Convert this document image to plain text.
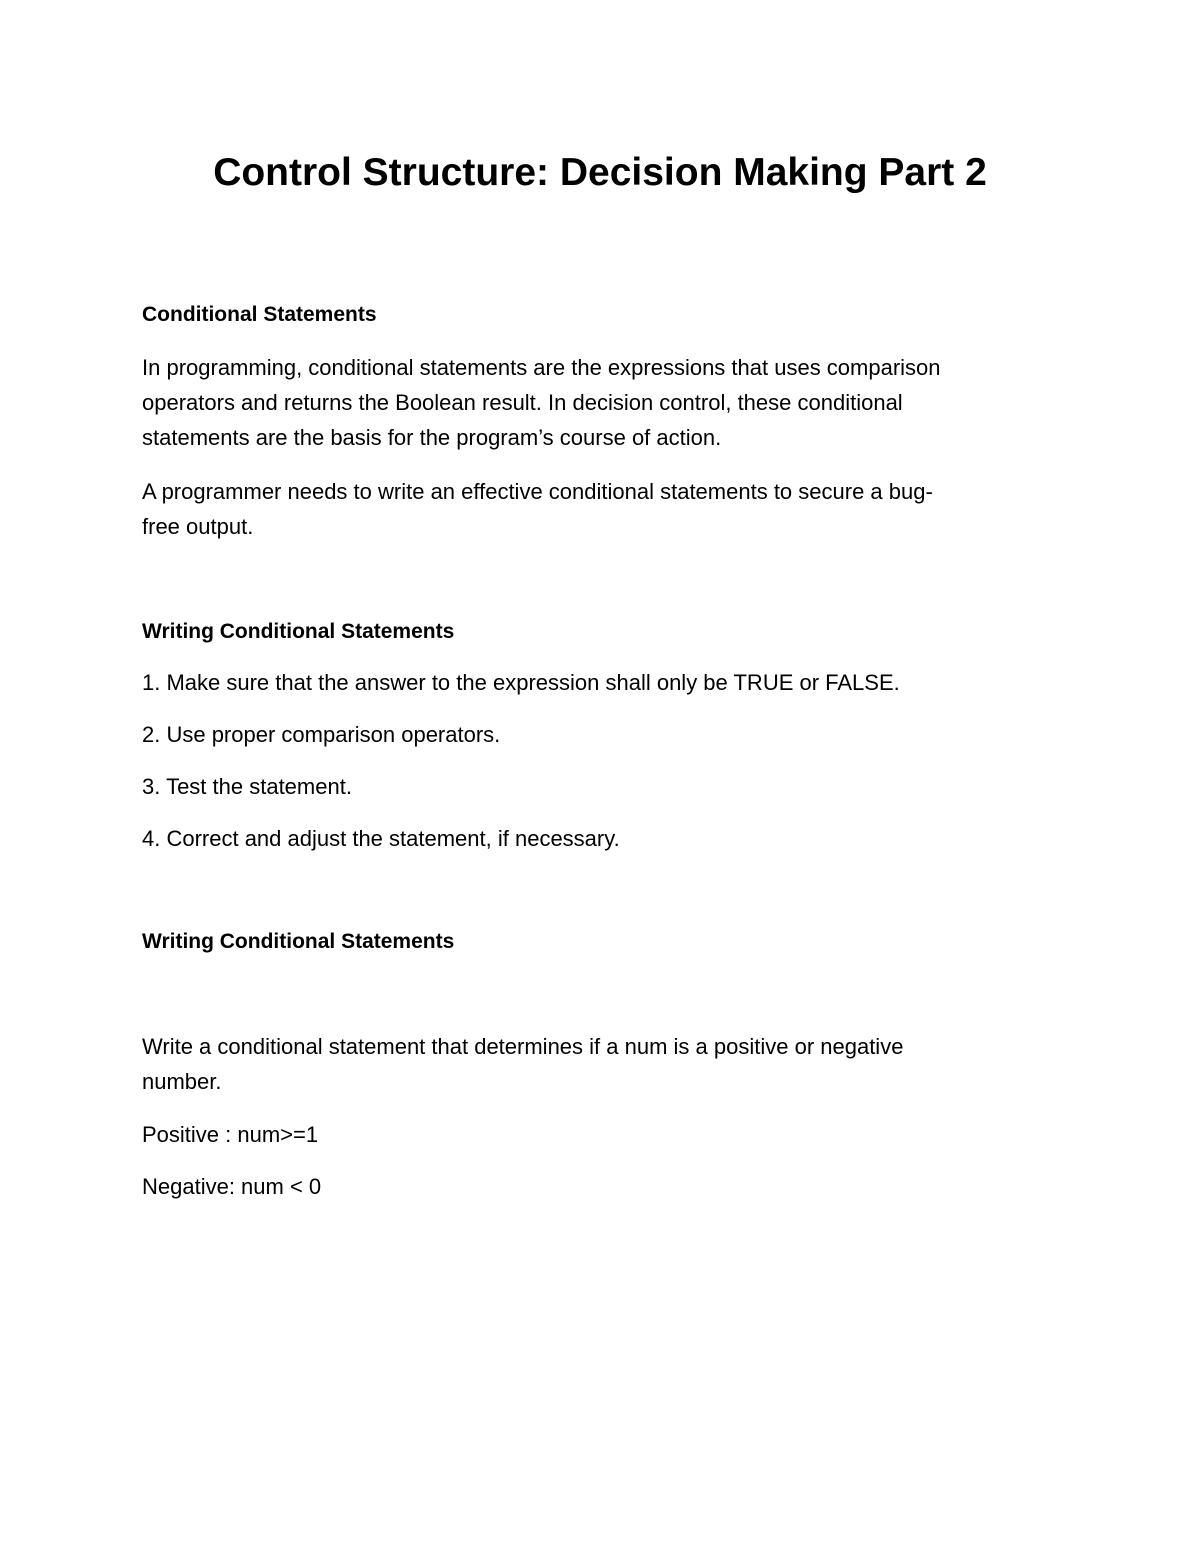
Control Structure: Decision Making Part 2

Conditional Statements

In programming, conditional statements are the expressions that uses comparison

operators and returns the Boolean result. In decision control, these conditional

statements are the basis for the program’s course of action.

A programmer needs to write an effective conditional statements to secure a bug-

free output.

Writing Conditional Statements

1. Make sure that the answer to the expression shall only be TRUE or FALSE.

2. Use proper comparison operators.

3. Test the statement.

4. Correct and adjust the statement, if necessary.

Writing Conditional Statements

Write a conditional statement that determines if a num is a positive or negative

number.

Positive : num>=1

Negative: num < 0
